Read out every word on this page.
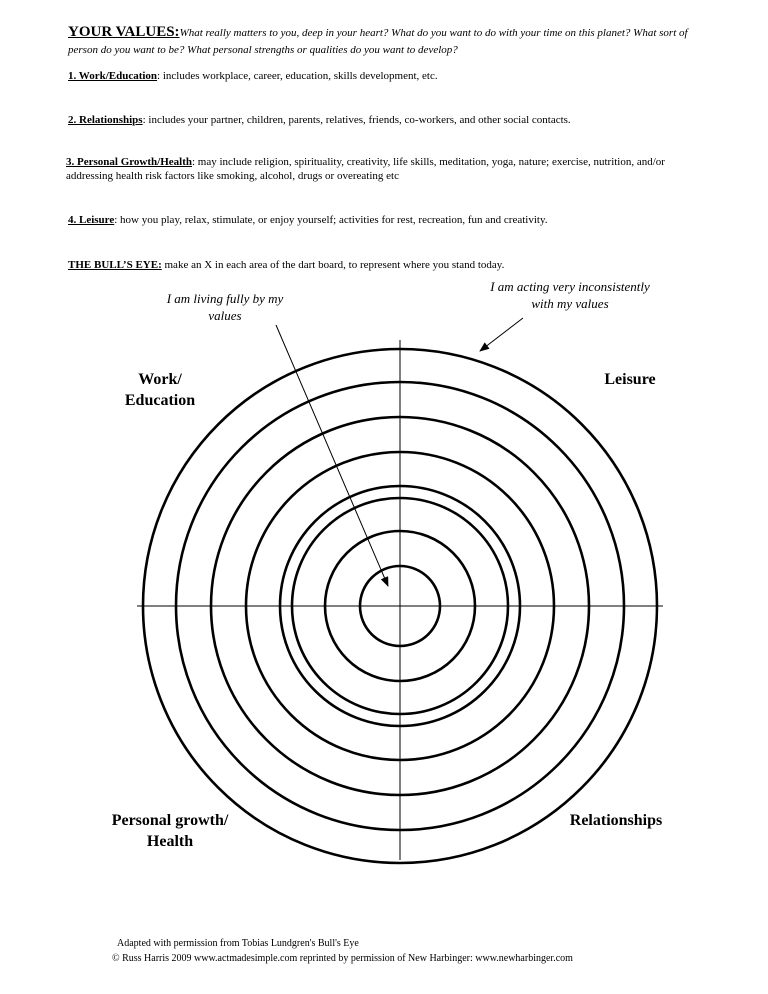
YOUR VALUES:What really matters to you, deep in your heart? What do you want to do with your time on this planet? What sort of person do you want to be? What personal strengths or qualities do you want to develop?
1. Work/Education: includes workplace, career, education, skills development, etc.
2. Relationships: includes your partner, children, parents, relatives, friends, co-workers, and other social contacts.
3. Personal Growth/Health: may include religion, spirituality, creativity, life skills, meditation, yoga, nature; exercise, nutrition, and/or addressing health risk factors like smoking, alcohol, drugs or overeating etc
4. Leisure: how you play, relax, stimulate, or enjoy yourself; activities for rest, recreation, fun and creativity.
THE BULL’S EYE: make an X in each area of the dart board, to represent where you stand today.
I am living fully by my values
I am acting very inconsistently with my values
Work/
Education
Leisure
Personal growth/
Health
Relationships
Adapted with permission from Tobias Lundgren's Bull's Eye
© Russ Harris 2009 www.actmadesimple.com reprinted by permission of New Harbinger: www.newharbinger.com
